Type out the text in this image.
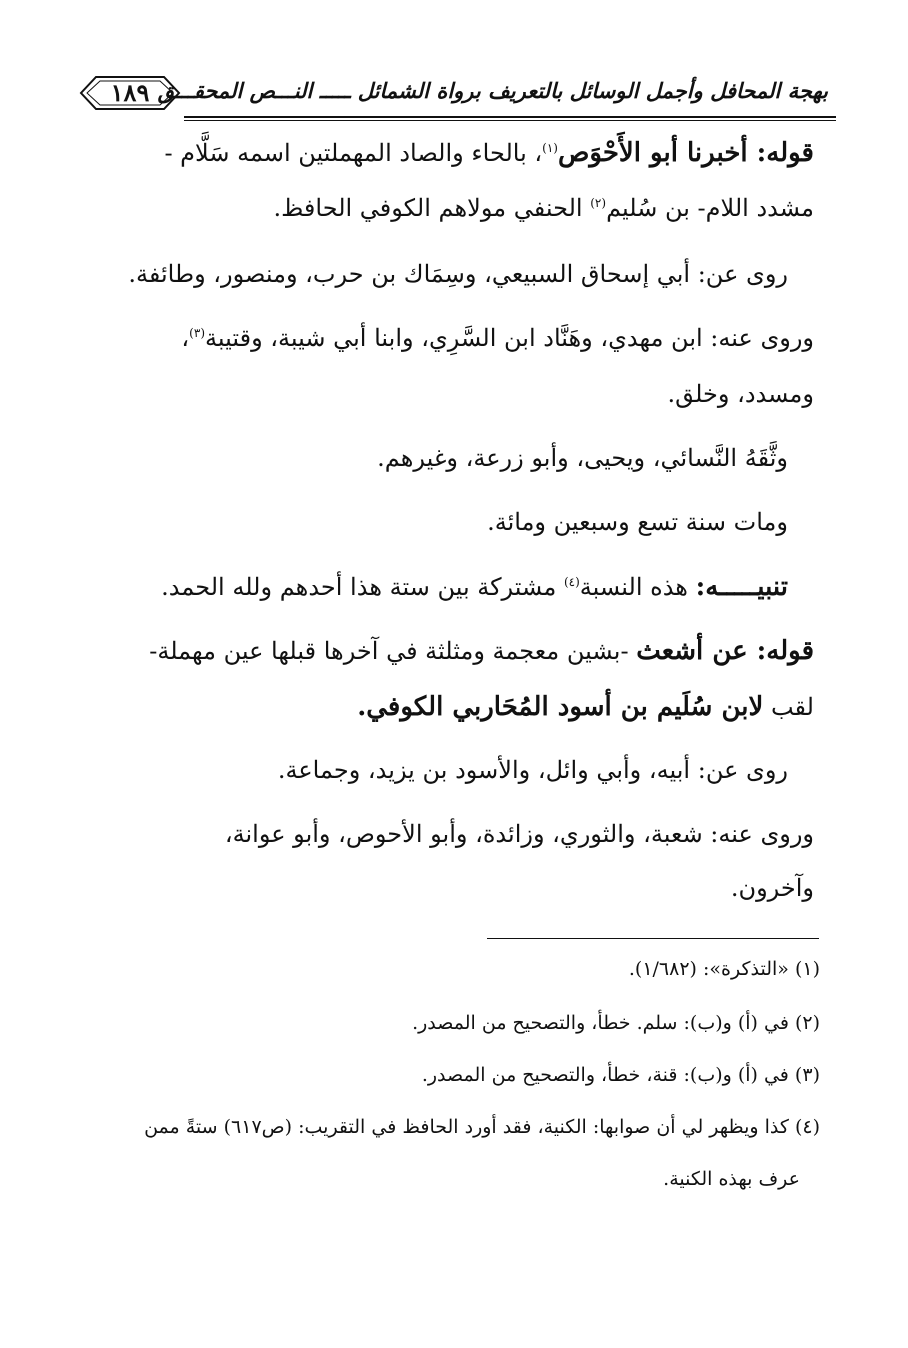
١٨٩ بهجة المحافل وأجمل الوسائل بالتعريف برواة الشمائل ـــــ النـــص المحقـــق
قوله: أخبرنا أبو الأَحْوَص$^{(١)}$، بالحاء والصاد المهملتين اسمه سَلَّام -
مشدد اللام- بن سُليم$^{(٢)}$ الحنفي مولاهم الكوفي الحافظ.
روى عن: أبي إسحاق السبيعي، وسِمَاك بن حرب، ومنصور، وطائفة.
وروى عنه: ابن مهدي، وهَنَّاد ابن السَّرِي، وابنا أبي شيبة، وقتيبة$^{(٣)}$،
ومسدد، وخلق.
وثَّقَهُ النَّسائي، ويحيى، وأبو زرعة، وغيرهم.
ومات سنة تسع وسبعين ومائة.
تنبيـــــه: هذه النسبة$^{(٤)}$ مشتركة بين ستة هذا أحدهم ولله الحمد.
قوله: عن أشعث -بشين معجمة ومثلثة في آخرها قبلها عين مهملة-
لقب لابن سُلَيم بن أسود المُحَاربي الكوفي.
روى عن: أبيه، وأبي وائل، والأسود بن يزيد، وجماعة.
وروى عنه: شعبة، والثوري، وزائدة، وأبو الأحوص، وأبو عوانة،
وآخرون.
(١) «التذكرة»: (١/٦٨٢).
(٢) في (أ) و(ب): سلم. خطأ، والتصحيح من المصدر.
(٣) في (أ) و(ب): قنة، خطأ، والتصحيح من المصدر.
(٤) كذا ويظهر لي أن صوابها: الكنية، فقد أورد الحافظ في التقريب: (ص٦١٧) ستةً ممن
عرف بهذه الكنية.
